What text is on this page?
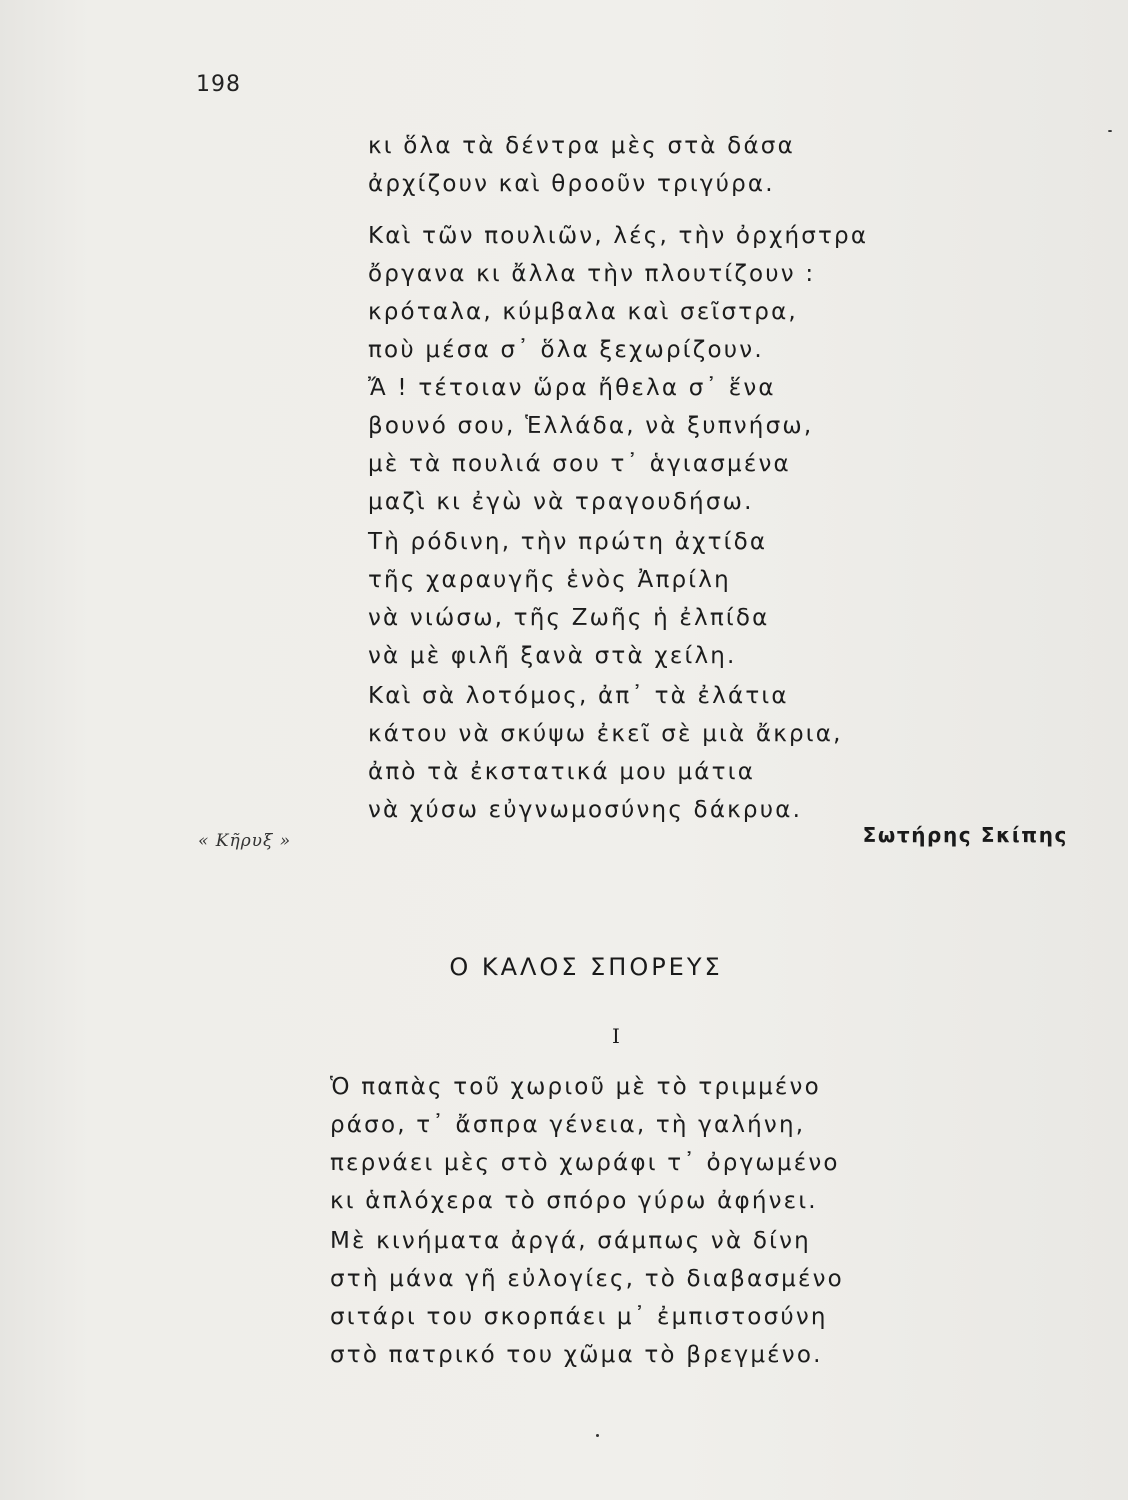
198
κι ὅλα τὰ δέντρα μὲς στὰ δάσα
ἀρχίζουν καὶ θροοῦν τριγύρα.
Καὶ τῶν πουλιῶν, λές, τὴν ὀρχήστρα
ὄργανα κι ἄλλα τὴν πλουτίζουν :
κρόταλα, κύμβαλα καὶ σεῖστρα,
ποὺ μέσα σ᾽ ὅλα ξεχωρίζουν.
Ἄ ! τέτοιαν ὥρα ἤθελα σ᾽ ἕνα
βουνό σου, Ἑλλάδα, νὰ ξυπνήσω,
μὲ τὰ πουλιά σου τ᾽ ἁγιασμένα
μαζὶ κι ἐγὼ νὰ τραγουδήσω.
Τὴ ρόδινη, τὴν πρώτη ἀχτίδα
τῆς χαραυγῆς ἑνὸς Ἀπρίλη
νὰ νιώσω, τῆς Ζωῆς ἡ ἐλπίδα
νὰ μὲ φιλῆ ξανὰ στὰ χείλη.
Καὶ σὰ λοτόμος, ἀπ᾽ τὰ ἐλάτια
κάτου νὰ σκύψω ἐκεῖ σὲ μιὰ ἄκρια,
ἀπὸ τὰ ἐκστατικά μου μάτια
νὰ χύσω εὐγνωμοσύνης δάκρυα.
« Κῆρυξ »	Σωτήρης Σκίπης
Ο ΚΑΛΟΣ ΣΠΟΡΕΥΣ
I
Ὁ παπὰς τοῦ χωριοῦ μὲ τὸ τριμμένο
ράσο, τ᾽ ἄσπρα γένεια, τὴ γαλήνη,
περνάει μὲς στὸ χωράφι τ᾽ ὀργωμένο
κι ἁπλόχερα τὸ σπόρο γύρω ἀφήνει.
Μὲ κινήματα ἀργά, σάμπως νὰ δίνη
στὴ μάνα γῆ εὐλογίες, τὸ διαβασμένο
σιτάρι του σκορπάει μ᾽ ἐμπιστοσύνη
στὸ πατρικό του χῶμα τὸ βρεγμένο.
